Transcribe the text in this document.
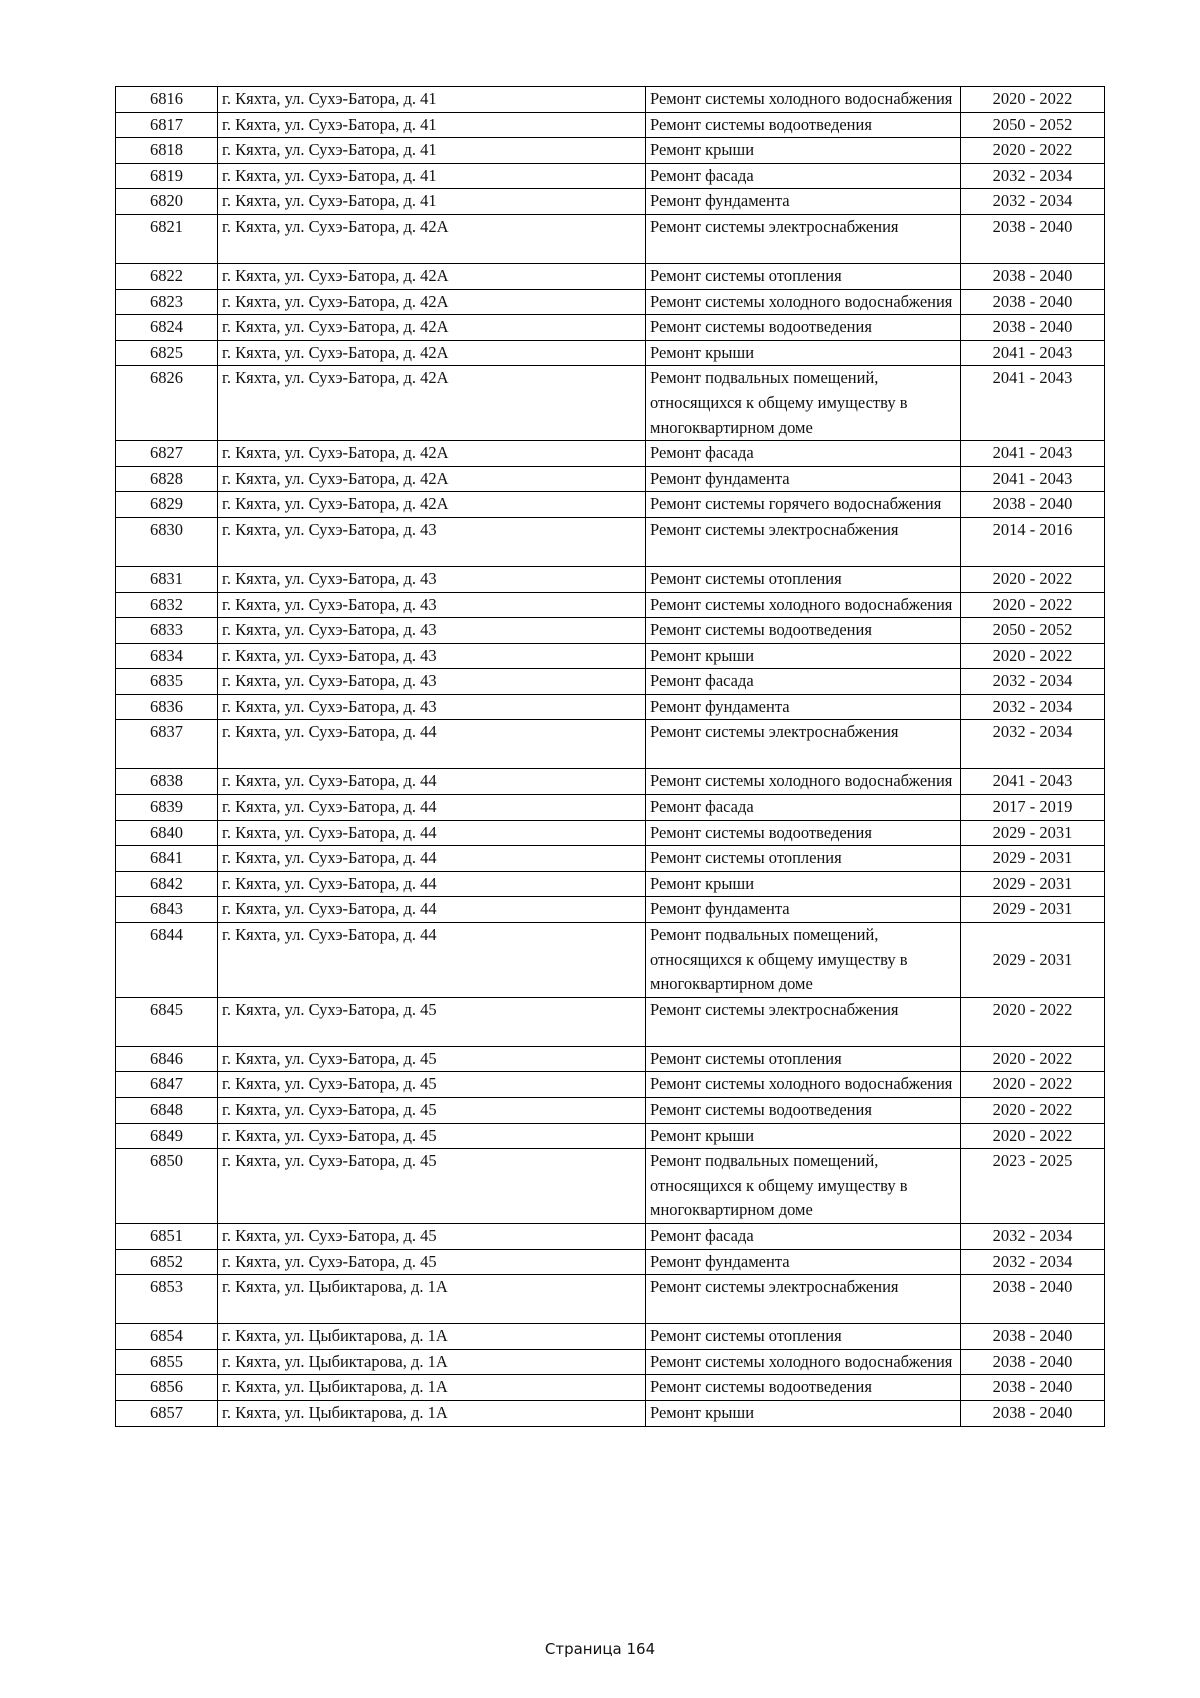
6816	г. Кяхта, ул. Сухэ-Батора, д. 41	Ремонт системы холодного водоснабжения	2020 - 2022
6817	г. Кяхта, ул. Сухэ-Батора, д. 41	Ремонт системы водоотведения	2050 - 2052
6818	г. Кяхта, ул. Сухэ-Батора, д. 41	Ремонт крыши	2020 - 2022
6819	г. Кяхта, ул. Сухэ-Батора, д. 41	Ремонт фасада	2032 - 2034
6820	г. Кяхта, ул. Сухэ-Батора, д. 41	Ремонт фундамента	2032 - 2034
6821	г. Кяхта, ул. Сухэ-Батора, д. 42А	Ремонт системы электроснабжения	2038 - 2040
6822	г. Кяхта, ул. Сухэ-Батора, д. 42А	Ремонт системы отопления	2038 - 2040
6823	г. Кяхта, ул. Сухэ-Батора, д. 42А	Ремонт системы холодного водоснабжения	2038 - 2040
6824	г. Кяхта, ул. Сухэ-Батора, д. 42А	Ремонт системы водоотведения	2038 - 2040
6825	г. Кяхта, ул. Сухэ-Батора, д. 42А	Ремонт крыши	2041 - 2043
6826	г. Кяхта, ул. Сухэ-Батора, д. 42А	Ремонт подвальных помещений, относящихся к общему имуществу в многоквартирном доме	2041 - 2043
6827	г. Кяхта, ул. Сухэ-Батора, д. 42А	Ремонт фасада	2041 - 2043
6828	г. Кяхта, ул. Сухэ-Батора, д. 42А	Ремонт фундамента	2041 - 2043
6829	г. Кяхта, ул. Сухэ-Батора, д. 42А	Ремонт системы горячего водоснабжения	2038 - 2040
6830	г. Кяхта, ул. Сухэ-Батора, д. 43	Ремонт системы электроснабжения	2014 - 2016
6831	г. Кяхта, ул. Сухэ-Батора, д. 43	Ремонт системы отопления	2020 - 2022
6832	г. Кяхта, ул. Сухэ-Батора, д. 43	Ремонт системы холодного водоснабжения	2020 - 2022
6833	г. Кяхта, ул. Сухэ-Батора, д. 43	Ремонт системы водоотведения	2050 - 2052
6834	г. Кяхта, ул. Сухэ-Батора, д. 43	Ремонт крыши	2020 - 2022
6835	г. Кяхта, ул. Сухэ-Батора, д. 43	Ремонт фасада	2032 - 2034
6836	г. Кяхта, ул. Сухэ-Батора, д. 43	Ремонт фундамента	2032 - 2034
6837	г. Кяхта, ул. Сухэ-Батора, д. 44	Ремонт системы электроснабжения	2032 - 2034
6838	г. Кяхта, ул. Сухэ-Батора, д. 44	Ремонт системы холодного водоснабжения	2041 - 2043
6839	г. Кяхта, ул. Сухэ-Батора, д. 44	Ремонт фасада	2017 - 2019
6840	г. Кяхта, ул. Сухэ-Батора, д. 44	Ремонт системы водоотведения	2029 - 2031
6841	г. Кяхта, ул. Сухэ-Батора, д. 44	Ремонт системы отопления	2029 - 2031
6842	г. Кяхта, ул. Сухэ-Батора, д. 44	Ремонт крыши	2029 - 2031
6843	г. Кяхта, ул. Сухэ-Батора, д. 44	Ремонт фундамента	2029 - 2031
6844	г. Кяхта, ул. Сухэ-Батора, д. 44	Ремонт подвальных помещений, относящихся к общему имуществу в многоквартирном доме	2029 - 2031
6845	г. Кяхта, ул. Сухэ-Батора, д. 45	Ремонт системы электроснабжения	2020 - 2022
6846	г. Кяхта, ул. Сухэ-Батора, д. 45	Ремонт системы отопления	2020 - 2022
6847	г. Кяхта, ул. Сухэ-Батора, д. 45	Ремонт системы холодного водоснабжения	2020 - 2022
6848	г. Кяхта, ул. Сухэ-Батора, д. 45	Ремонт системы водоотведения	2020 - 2022
6849	г. Кяхта, ул. Сухэ-Батора, д. 45	Ремонт крыши	2020 - 2022
6850	г. Кяхта, ул. Сухэ-Батора, д. 45	Ремонт подвальных помещений, относящихся к общему имуществу в многоквартирном доме	2023 - 2025
6851	г. Кяхта, ул. Сухэ-Батора, д. 45	Ремонт фасада	2032 - 2034
6852	г. Кяхта, ул. Сухэ-Батора, д. 45	Ремонт фундамента	2032 - 2034
6853	г. Кяхта, ул. Цыбиктарова, д. 1А	Ремонт системы электроснабжения	2038 - 2040
6854	г. Кяхта, ул. Цыбиктарова, д. 1А	Ремонт системы отопления	2038 - 2040
6855	г. Кяхта, ул. Цыбиктарова, д. 1А	Ремонт системы холодного водоснабжения	2038 - 2040
6856	г. Кяхта, ул. Цыбиктарова, д. 1А	Ремонт системы водоотведения	2038 - 2040
6857	г. Кяхта, ул. Цыбиктарова, д. 1А	Ремонт крыши	2038 - 2040
Страница 164
